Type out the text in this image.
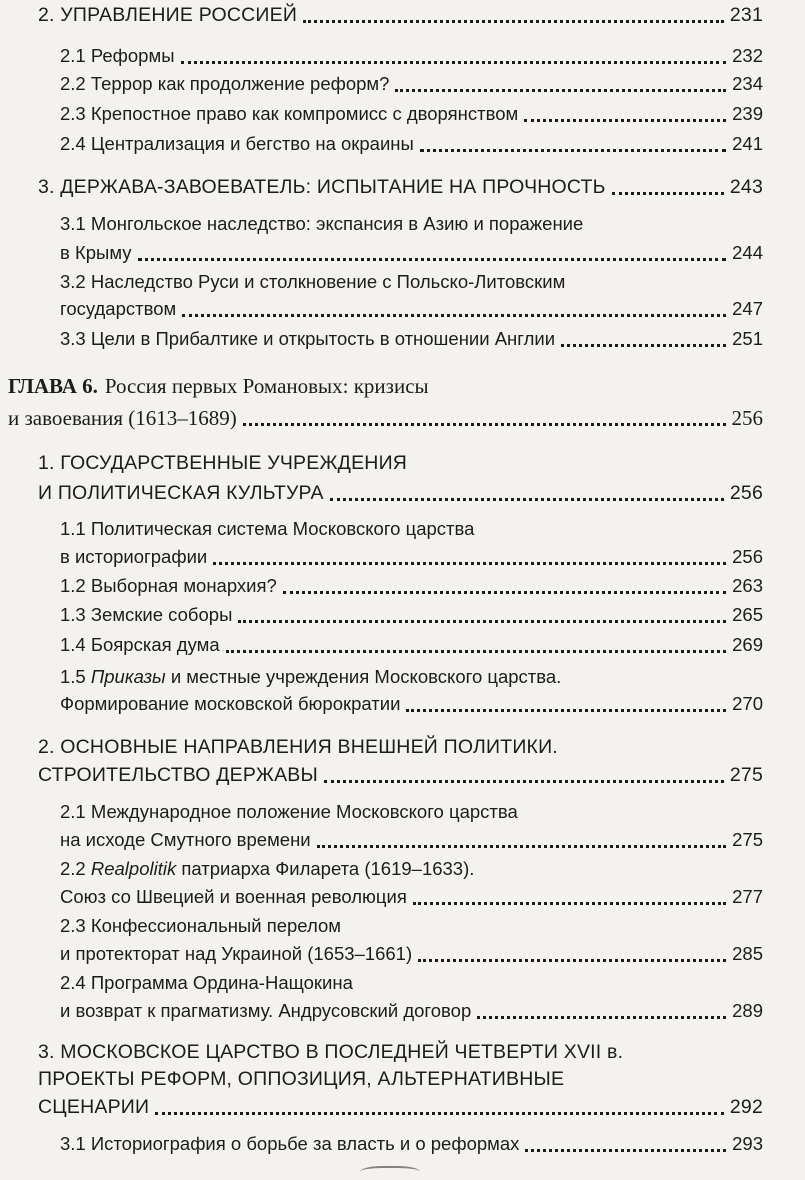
2. УПРАВЛЕНИЕ РОССИЕЙ	231
2.1 Реформы	232
2.2 Террор как продолжение реформ?	234
2.3 Крепостное право как компромисс с дворянством	239
2.4 Централизация и бегство на окраины	241
3. ДЕРЖАВА-ЗАВОЕВАТЕЛЬ: ИСПЫТАНИЕ НА ПРОЧНОСТЬ	243
3.1 Монгольское наследство: экспансия в Азию и поражение
в Крыму	244
3.2 Наследство Руси и столкновение с Польско-Литовским
государством	247
3.3 Цели в Прибалтике и открытость в отношении Англии	251
ГЛАВА 6. Россия первых Романовых: кризисы
и завоевания (1613–1689)	256
1. ГОСУДАРСТВЕННЫЕ УЧРЕЖДЕНИЯ
И ПОЛИТИЧЕСКАЯ КУЛЬТУРА	256
1.1 Политическая система Московского царства
в историографии	256
1.2 Выборная монархия?	263
1.3 Земские соборы	265
1.4 Боярская дума	269
1.5 Приказы и местные учреждения Московского царства.
Формирование московской бюрократии	270
2. ОСНОВНЫЕ НАПРАВЛЕНИЯ ВНЕШНЕЙ ПОЛИТИКИ.
СТРОИТЕЛЬСТВО ДЕРЖАВЫ	275
2.1 Международное положение Московского царства
на исходе Смутного времени	275
2.2 Realpolitik патриарха Филарета (1619–1633).
Союз со Швецией и военная революция	277
2.3 Конфессиональный перелом
и протекторат над Украиной (1653–1661)	285
2.4 Программа Ордина-Нащокина
и возврат к прагматизму. Андрусовский договор	289
3. МОСКОВСКОЕ ЦАРСТВО В ПОСЛЕДНЕЙ ЧЕТВЕРТИ XVII в.
ПРОЕКТЫ РЕФОРМ, ОППОЗИЦИЯ, АЛЬТЕРНАТИВНЫЕ
СЦЕНАРИИ	292
3.1 Историография о борьбе за власть и о реформах	293
